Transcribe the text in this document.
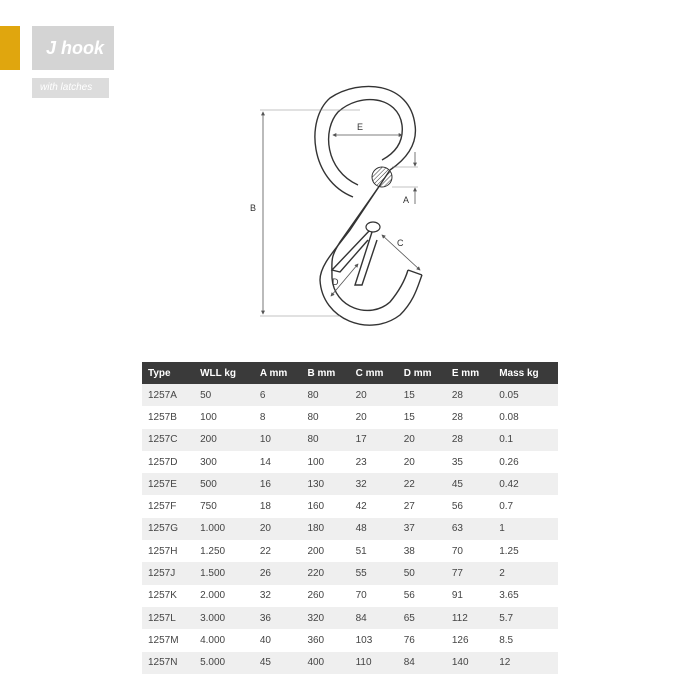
J hook
with latches
B
E
A
C
D
Type	WLL kg	A mm	B mm	C mm	D mm	E mm	Mass kg
1257A	50	6	80	20	15	28	0.05
1257B	100	8	80	20	15	28	0.08
1257C	200	10	80	17	20	28	0.1
1257D	300	14	100	23	20	35	0.26
1257E	500	16	130	32	22	45	0.42
1257F	750	18	160	42	27	56	0.7
1257G	1.000	20	180	48	37	63	1
1257H	1.250	22	200	51	38	70	1.25
1257J	1.500	26	220	55	50	77	2
1257K	2.000	32	260	70	56	91	3.65
1257L	3.000	36	320	84	65	112	5.7
1257M	4.000	40	360	103	76	126	8.5
1257N	5.000	45	400	110	84	140	12
